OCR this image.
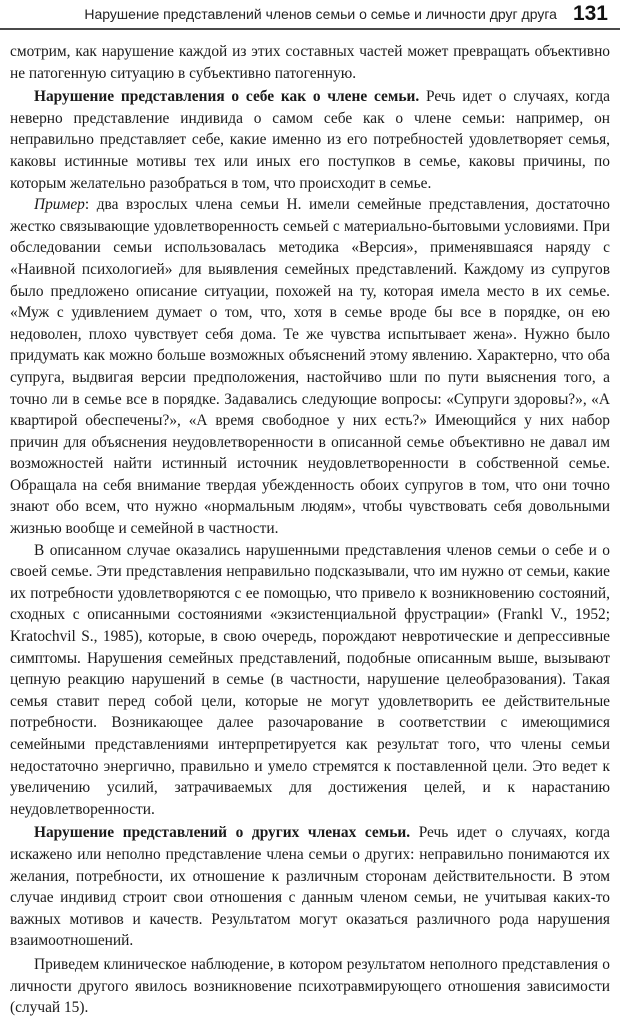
Нарушение представлений членов семьи о семье и личности друг друга 131

смотрим, как нарушение каждой из этих составных частей может превращать объективно не патогенную ситуацию в субъективно патогенную.

Нарушение представления о себе как о члене семьи. Речь идет о случаях, когда неверно представление индивида о самом себе как о члене семьи: например, он неправильно представляет себе, какие именно из его потребностей удовлетворяет семья, каковы истинные мотивы тех или иных его поступков в семье, каковы причины, по которым желательно разобраться в том, что происходит в семье.

Пример: два взрослых члена семьи Н. имели семейные представления, достаточно жестко связывающие удовлетворенность семьей с материально-бытовыми условиями. При обследовании семьи использовалась методика «Версия», применявшаяся наряду с «Наивной психологией» для выявления семейных представлений. Каждому из супругов было предложено описание ситуации, похожей на ту, которая имела место в их семье. «Муж с удивлением думает о том, что, хотя в семье вроде бы все в порядке, он ею недоволен, плохо чувствует себя дома. Те же чувства испытывает жена». Нужно было придумать как можно больше возможных объяснений этому явлению. Характерно, что оба супруга, выдвигая версии предположения, настойчиво шли по пути выяснения того, а точно ли в семье все в порядке. Задавались следующие вопросы: «Супруги здоровы?», «А квартирой обеспечены?», «А время свободное у них есть?» Имеющийся у них набор причин для объяснения неудовлетворенности в описанной семье объективно не давал им возможностей найти истинный источник неудовлетворенности в собственной семье. Обращала на себя внимание твердая убежденность обоих супругов в том, что они точно знают обо всем, что нужно «нормальным людям», чтобы чувствовать себя довольными жизнью вообще и семейной в частности.

В описанном случае оказались нарушенными представления членов семьи о себе и о своей семье. Эти представления неправильно подсказывали, что им нужно от семьи, какие их потребности удовлетворяются с ее помощью, что привело к возникновению состояний, сходных с описанными состояниями «экзистенциальной фрустрации» (Frankl V., 1952; Kratochvil S., 1985), которые, в свою очередь, порождают невротические и депрессивные симптомы. Нарушения семейных представлений, подобные описанным выше, вызывают цепную реакцию нарушений в семье (в частности, нарушение целеобразования). Такая семья ставит перед собой цели, которые не могут удовлетворить ее действительные потребности. Возникающее далее разочарование в соответствии с имеющимися семейными представлениями интерпретируется как результат того, что члены семьи недостаточно энергично, правильно и умело стремятся к поставленной цели. Это ведет к увеличению усилий, затрачиваемых для достижения целей, и к нарастанию неудовлетворенности.

Нарушение представлений о других членах семьи. Речь идет о случаях, когда искажено или неполно представление члена семьи о других: неправильно понимаются их желания, потребности, их отношение к различным сторонам действительности. В этом случае индивид строит свои отношения с данным членом семьи, не учитывая каких-то важных мотивов и качеств. Результатом могут оказаться различного рода нарушения взаимоотношений.

Приведем клиническое наблюдение, в котором результатом неполного представления о личности другого явилось возникновение психотравмирующего отношения зависимости (случай 15).
